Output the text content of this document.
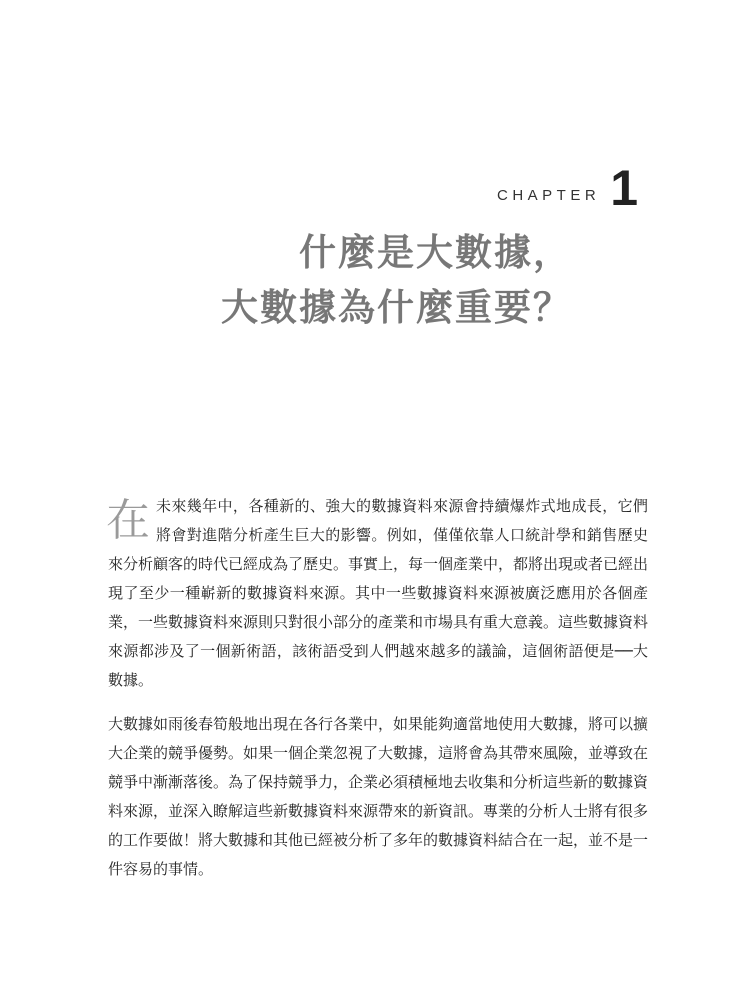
CHAPTER 1
什麼是大數據，
大數據為什麼重要？

在未來幾年中，各種新的、強大的數據資料來源會持續爆炸式地成長，它們將會對進階分析產生巨大的影響。例如，僅僅依靠人口統計學和銷售歷史來分析顧客的時代已經成為了歷史。事實上，每一個產業中，都將出現或者已經出現了至少一種嶄新的數據資料來源。其中一些數據資料來源被廣泛應用於各個產業，一些數據資料來源則只對很小部分的產業和市場具有重大意義。這些數據資料來源都涉及了一個新術語，該術語受到人們越來越多的議論，這個術語便是──大數據。

大數據如雨後春筍般地出現在各行各業中，如果能夠適當地使用大數據，將可以擴大企業的競爭優勢。如果一個企業忽視了大數據，這將會為其帶來風險，並導致在競爭中漸漸落後。為了保持競爭力，企業必須積極地去收集和分析這些新的數據資料來源，並深入瞭解這些新數據資料來源帶來的新資訊。專業的分析人士將有很多的工作要做！將大數據和其他已經被分析了多年的數據資料結合在一起，並不是一件容易的事情。
